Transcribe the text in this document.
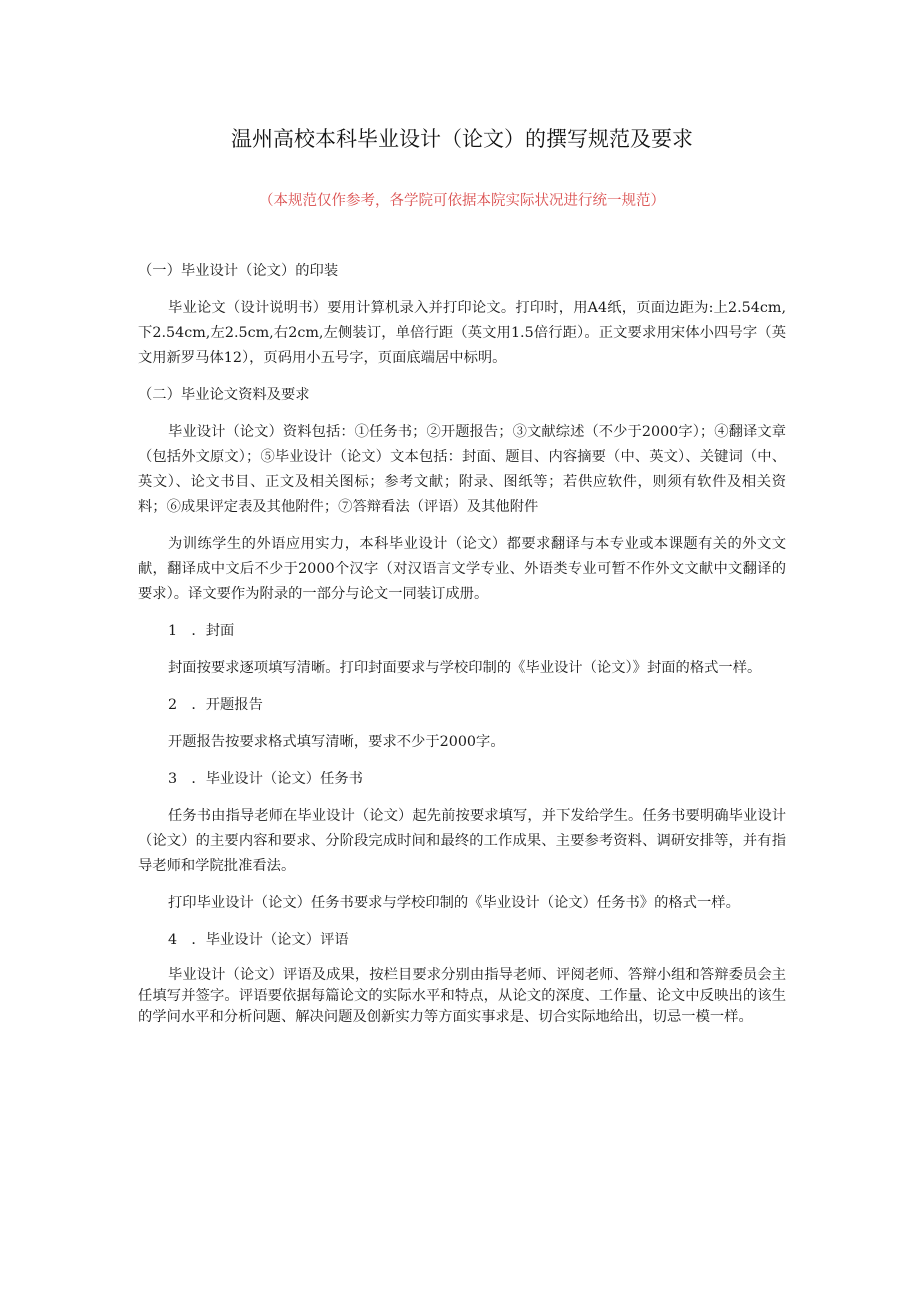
温州高校本科毕业设计（论文）的撰写规范及要求
（本规范仅作参考，各学院可依据本院实际状况进行统一规范）

（一）毕业设计（论文）的印装

毕业论文（设计说明书）要用计算机录入并打印论文。打印时，用A4纸，页面边距为:上2.54cm,下2.54cm,左2.5cm,右2cm,左侧装订，单倍行距（英文用1.5倍行距）。正文要求用宋体小四号字（英文用新罗马体12），页码用小五号字，页面底端居中标明。

（二）毕业论文资料及要求

毕业设计（论文）资料包括：①任务书；②开题报告；③文献综述（不少于2000字）；④翻译文章（包括外文原文）；⑤毕业设计（论文）文本包括：封面、题目、内容摘要（中、英文）、关键词（中、英文）、论文书目、正文及相关图标；参考文献；附录、图纸等；若供应软件，则须有软件及相关资料；⑥成果评定表及其他附件；⑦答辩看法（评语）及其他附件

为训练学生的外语应用实力，本科毕业设计（论文）都要求翻译与本专业或本课题有关的外文文献，翻译成中文后不少于2000个汉字（对汉语言文学专业、外语类专业可暂不作外文文献中文翻译的要求）。译文要作为附录的一部分与论文一同装订成册。

1　．封面

封面按要求逐项填写清晰。打印封面要求与学校印制的《毕业设计（论文）》封面的格式一样。

2　．开题报告

开题报告按要求格式填写清晰，要求不少于2000字。

3　．毕业设计（论文）任务书

任务书由指导老师在毕业设计（论文）起先前按要求填写，并下发给学生。任务书要明确毕业设计（论文）的主要内容和要求、分阶段完成时间和最终的工作成果、主要参考资料、调研安排等，并有指导老师和学院批准看法。

打印毕业设计（论文）任务书要求与学校印制的《毕业设计（论文）任务书》的格式一样。

4　．毕业设计（论文）评语

毕业设计（论文）评语及成果，按栏目要求分别由指导老师、评阅老师、答辩小组和答辩委员会主任填写并签字。评语要依据每篇论文的实际水平和特点，从论文的深度、工作量、论文中反映出的该生的学问水平和分析问题、解决问题及创新实力等方面实事求是、切合实际地给出，切忌一模一样。
